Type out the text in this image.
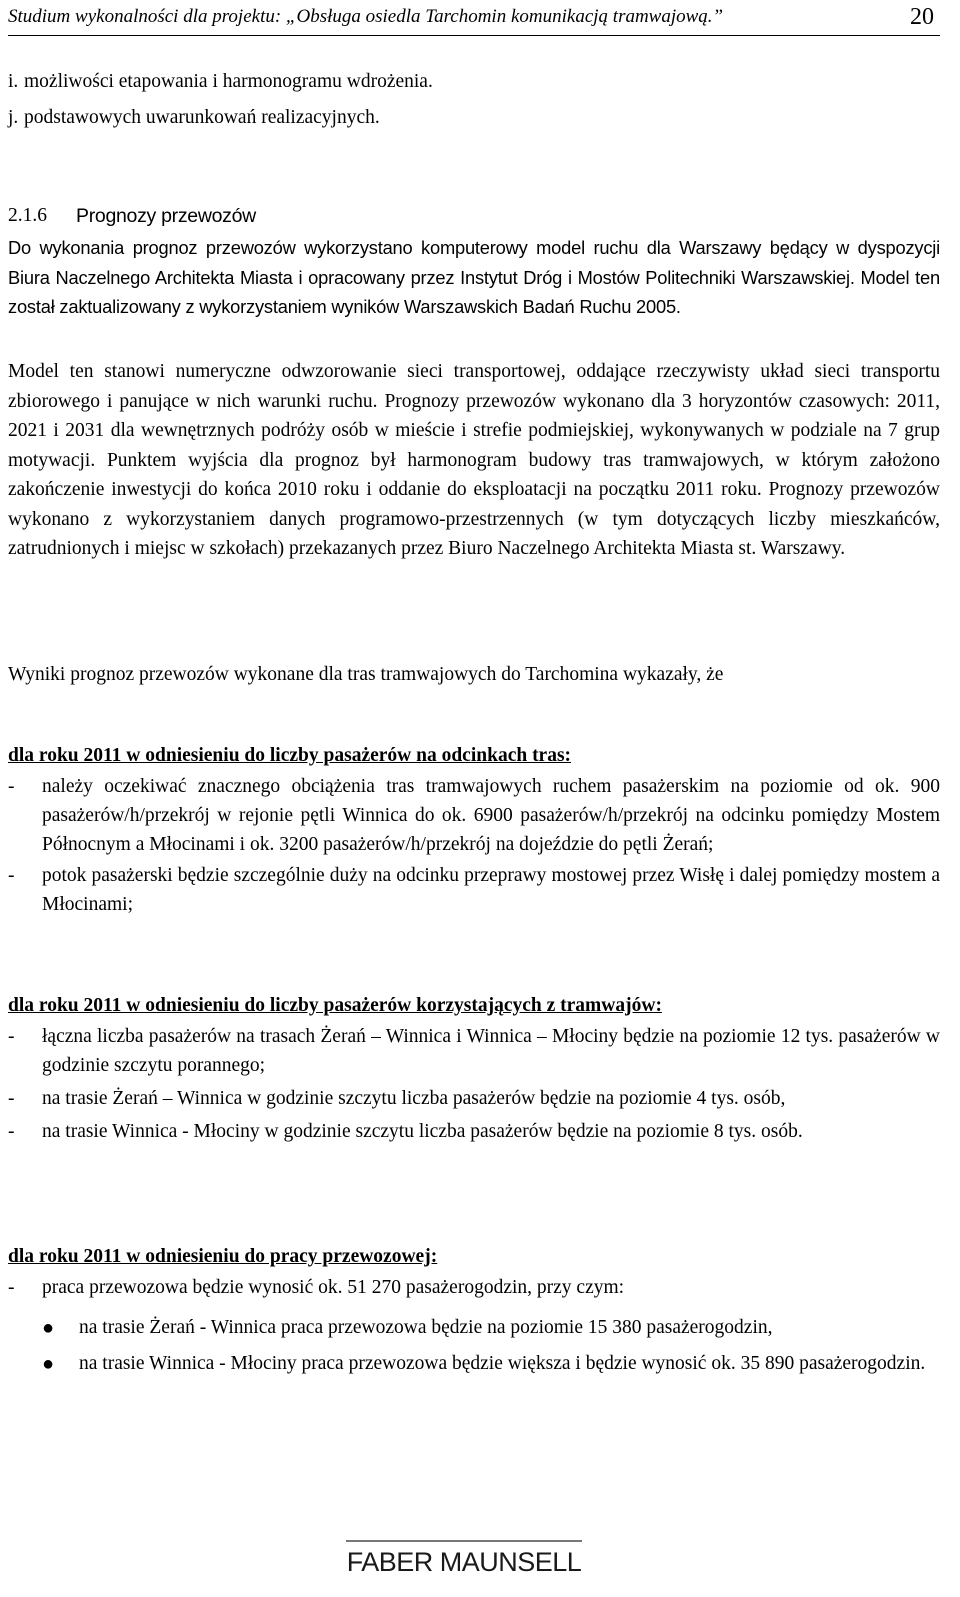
Studium wykonalności dla projektu: „Obsługa osiedla Tarchomin komunikacją tramwajową.”	20
i. możliwości etapowania i harmonogramu wdrożenia.
j. podstawowych uwarunkowań realizacyjnych.
2.1.6	Prognozy przewozów
Do wykonania prognoz przewozów wykorzystano komputerowy model ruchu dla Warszawy będący w dyspozycji Biura Naczelnego Architekta Miasta i opracowany przez Instytut Dróg i Mostów Politechniki Warszawskiej. Model ten został zaktualizowany z wykorzystaniem wyników Warszawskich Badań Ruchu 2005.
Model ten stanowi numeryczne odwzorowanie sieci transportowej, oddające rzeczywisty układ sieci transportu zbiorowego i panujące w nich warunki ruchu. Prognozy przewozów wykonano dla 3 horyzontów czasowych: 2011, 2021 i 2031 dla wewnętrznych podróży osób w mieście i strefie podmiejskiej, wykonywanych w podziale na 7 grup motywacji. Punktem wyjścia dla prognoz był harmonogram budowy tras tramwajowych, w którym założono zakończenie inwestycji do końca 2010 roku i oddanie do eksploatacji na początku 2011 roku. Prognozy przewozów wykonano z wykorzystaniem danych programowo-przestrzennych (w tym dotyczących liczby mieszkańców, zatrudnionych i miejsc w szkołach) przekazanych przez Biuro Naczelnego Architekta Miasta st. Warszawy.
Wyniki prognoz przewozów wykonane dla tras tramwajowych do Tarchomina wykazały, że
dla roku 2011 w odniesieniu do liczby pasażerów na odcinkach tras:
-	należy oczekiwać znacznego obciążenia tras tramwajowych ruchem pasażerskim na poziomie od ok. 900 pasażerów/h/przekrój w rejonie pętli Winnica do ok. 6900 pasażerów/h/przekrój na odcinku pomiędzy Mostem Północnym a Młocinami i ok. 3200 pasażerów/h/przekrój na dojeździe do pętli Żerań;
-	potok pasażerski będzie szczególnie duży na odcinku przeprawy mostowej przez Wisłę i dalej pomiędzy mostem a Młocinami;
dla roku 2011 w odniesieniu do liczby pasażerów korzystających z tramwajów:
-	łączna liczba pasażerów na trasach Żerań – Winnica i Winnica – Młociny będzie na poziomie 12 tys. pasażerów w godzinie szczytu porannego;
-	na trasie Żerań – Winnica w godzinie szczytu liczba pasażerów będzie na poziomie 4 tys. osób,
-	na trasie Winnica - Młociny w godzinie szczytu liczba pasażerów będzie na poziomie 8 tys. osób.
dla roku 2011 w odniesieniu do pracy przewozowej:
-	praca przewozowa będzie wynosić ok. 51 270 pasażerogodzin, przy czym:
●	na trasie Żerań - Winnica praca przewozowa będzie na poziomie 15 380 pasażerogodzin,
●	na trasie Winnica - Młociny praca przewozowa będzie większa i będzie wynosić ok. 35 890 pasażerogodzin.
FABER MAUNSELL
